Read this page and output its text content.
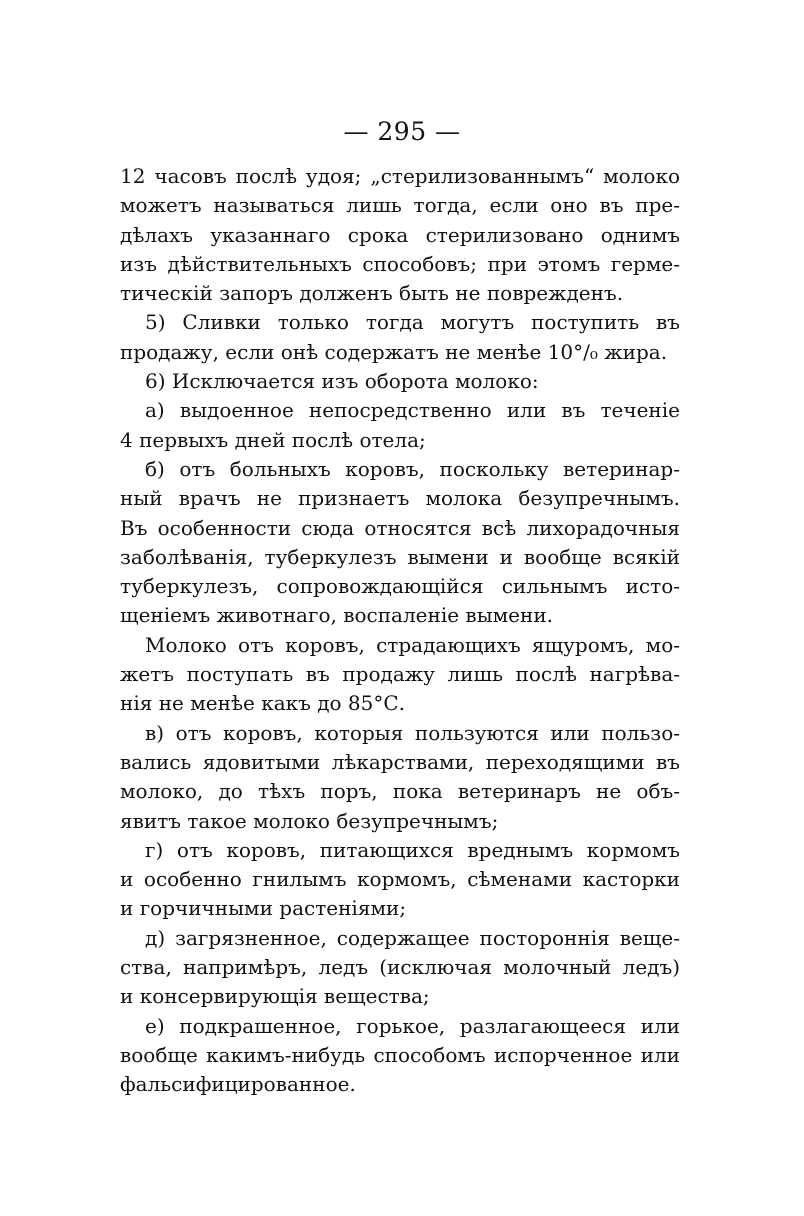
— 295 —
12 часовъ послѣ удоя; „стерилизованнымъ“ молоко
можетъ называться лишь тогда, если оно въ пре-
дѣлахъ указаннаго срока стерилизовано однимъ
изъ дѣйствительныхъ способовъ; при этомъ герме-
тическій запоръ долженъ быть не поврежденъ.
5) Сливки только тогда могутъ поступить въ
продажу, если онѣ содержатъ не менѣе 10°/₀ жира.
6) Исключается изъ оборота молоко:
а) выдоенное непосредственно или въ теченіе
4 первыхъ дней послѣ отела;
б) отъ больныхъ коровъ, поскольку ветеринар-
ный врачъ не признаетъ молока безупречнымъ.
Въ особенности сюда относятся всѣ лихорадочныя
заболѣванія, туберкулезъ вымени и вообще всякій
туберкулезъ, сопровождающійся сильнымъ исто-
щеніемъ животнаго, воспаленіе вымени.
Молоко отъ коровъ, страдающихъ ящуромъ, мо-
жетъ поступать въ продажу лишь послѣ нагрѣва-
нія не менѣе какъ до 85°С.
в) отъ коровъ, которыя пользуются или пользо-
вались ядовитыми лѣкарствами, переходящими въ
молоко, до тѣхъ поръ, пока ветеринаръ не объ-
явитъ такое молоко безупречнымъ;
г) отъ коровъ, питающихся вреднымъ кормомъ
и особенно гнилымъ кормомъ, сѣменами касторки
и горчичными растеніями;
д) загрязненное, содержащее постороннія веще-
ства, напримѣръ, ледъ (исключая молочный ледъ)
и консервирующія вещества;
е) подкрашенное, горькое, разлагающееся или
вообще какимъ-нибудь способомъ испорченное или
фальсифицированное.
